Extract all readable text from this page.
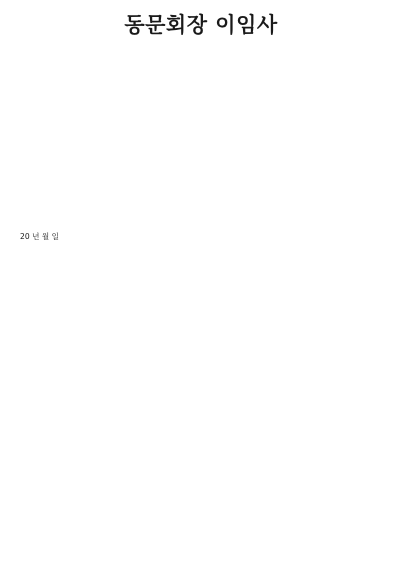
동문회장 이임사

20 년 월 일
